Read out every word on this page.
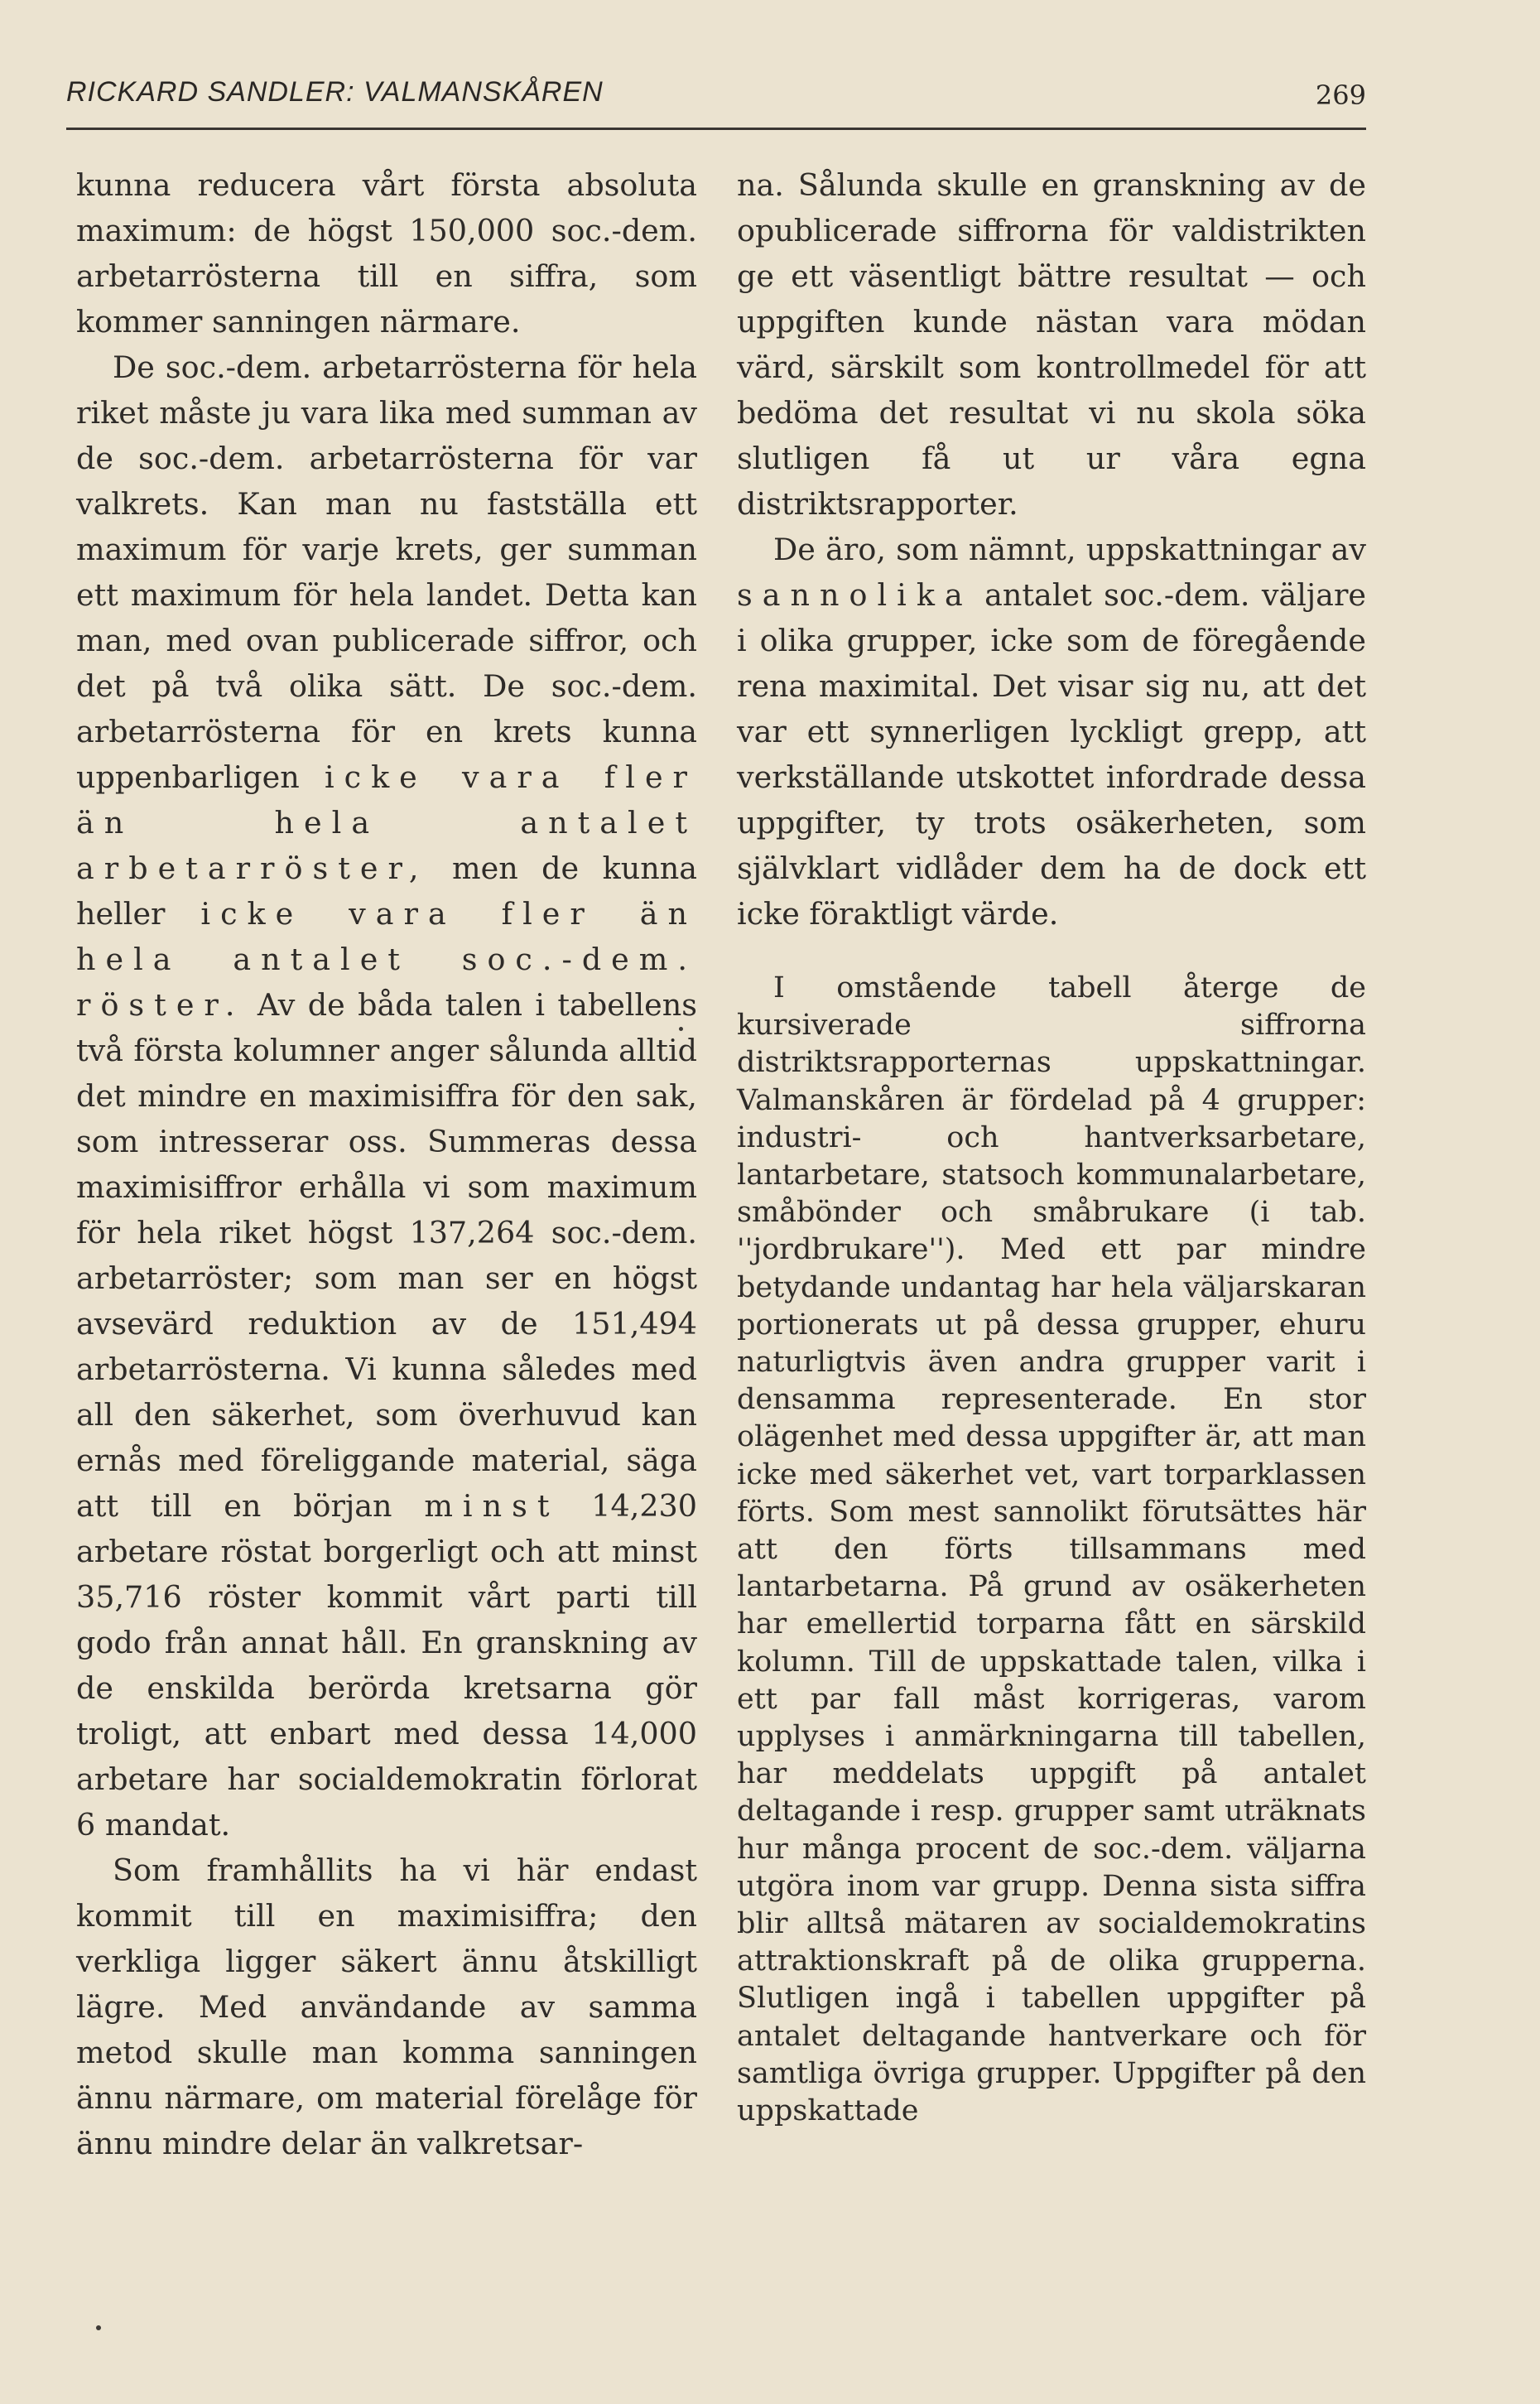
RICKARD SANDLER: VALMANSKÅREN	269

kunna reducera vårt första absoluta maximum: de högst 150,000 soc.-dem. arbetarrösterna till en siffra, som kommer sanningen närmare.

De soc.-dem. arbetarrösterna för hela riket måste ju vara lika med summan av de soc.-dem. arbetarrösterna för var valkrets. Kan man nu fastställa ett maximum för varje krets, ger summan ett maximum för hela landet. Detta kan man, med ovan publicerade siffror, och det på två olika sätt. De soc.-dem. arbetarrösterna för en krets kunna uppenbarligen icke vara fler än hela antalet arbetarröster, men de kunna heller icke vara fler än hela antalet soc.-dem. röster. Av de båda talen i tabellens två första kolumner anger sålunda alltid det mindre en maximisiffra för den sak, som intresserar oss. Summeras dessa maximisiffror erhålla vi som maximum för hela riket högst 137,264 soc.-dem. arbetarröster; som man ser en högst avsevärd reduktion av de 151,494 arbetarrösterna. Vi kunna således med all den säkerhet, som överhuvud kan ernås med föreliggande material, säga att till en början minst 14,230 arbetare röstat borgerligt och att minst 35,716 röster kommit vårt parti till godo från annat håll. En granskning av de enskilda berörda kretsarna gör troligt, att enbart med dessa 14,000 arbetare har socialdemokratin förlorat 6 mandat.

Som framhållits ha vi här endast kommit till en maximisiffra; den verkliga ligger säkert ännu åtskilligt lägre. Med användande av samma metod skulle man komma sanningen ännu närmare, om material förelåge för ännu mindre delar än valkretsar-

na. Sålunda skulle en granskning av de opublicerade siffrorna för valdistrikten ge ett väsentligt bättre resultat — och uppgiften kunde nästan vara mödan värd, särskilt som kontrollmedel för att bedöma det resultat vi nu skola söka slutligen få ut ur våra egna distriktsrapporter.

De äro, som nämnt, uppskattningar av sannolika antalet soc.-dem. väljare i olika grupper, icke som de föregående rena maximital. Det visar sig nu, att det var ett synnerligen lyckligt grepp, att verkställande utskottet infordrade dessa uppgifter, ty trots osäkerheten, som självklart vidlåder dem ha de dock ett icke föraktligt värde.

I omstående tabell återge de kursiverade siffrorna distriktsrapporternas uppskattningar. Valmanskåren är fördelad på 4 grupper: industri- och hantverksarbetare, lantarbetare, statsoch kommunalarbetare, småbönder och småbrukare (i tab. ''jordbrukare''). Med ett par mindre betydande undantag har hela väljarskaran portionerats ut på dessa grupper, ehuru naturligtvis även andra grupper varit i densamma representerade. En stor olägenhet med dessa uppgifter är, att man icke med säkerhet vet, vart torparklassen förts. Som mest sannolikt förutsättes här att den förts tillsammans med lantarbetarna. På grund av osäkerheten har emellertid torparna fått en särskild kolumn. Till de uppskattade talen, vilka i ett par fall måst korrigeras, varom upplyses i anmärkningarna till tabellen, har meddelats uppgift på antalet deltagande i resp. grupper samt uträknats hur många procent de soc.-dem. väljarna utgöra inom var grupp. Denna sista siffra blir alltså mätaren av socialdemokratins attraktionskraft på de olika grupperna. Slutligen ingå i tabellen uppgifter på antalet deltagande hantverkare och för samtliga övriga grupper. Uppgifter på den uppskattade
